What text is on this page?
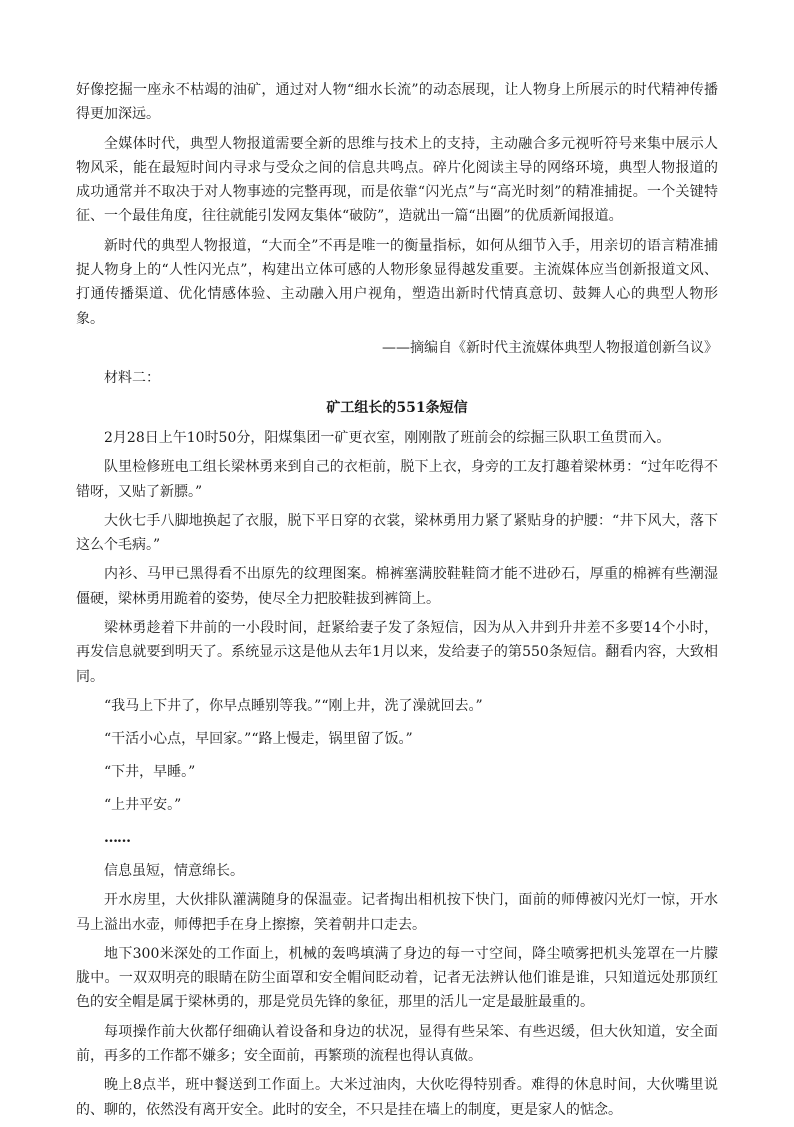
好像挖掘一座永不枯竭的油矿，通过对人物“细水长流”的动态展现，让人物身上所展示的时代精神传播得更加深远。

全媒体时代，典型人物报道需要全新的思维与技术上的支持，主动融合多元视听符号来集中展示人物风采，能在最短时间内寻求与受众之间的信息共鸣点。碎片化阅读主导的网络环境，典型人物报道的成功通常并不取决于对人物事迹的完整再现，而是依靠“闪光点”与“高光时刻”的精准捕捉。一个关键特征、一个最佳角度，往往就能引发网友集体“破防”，造就出一篇“出圈”的优质新闻报道。

新时代的典型人物报道，“大而全”不再是唯一的衡量指标，如何从细节入手，用亲切的语言精准捕捉人物身上的“人性闪光点”，构建出立体可感的人物形象显得越发重要。主流媒体应当创新报道文风、打通传播渠道、优化情感体验、主动融入用户视角，塑造出新时代情真意切、鼓舞人心的典型人物形象。

——摘编自《新时代主流媒体典型人物报道创新刍议》

材料二：

矿工组长的551条短信

2月28日上午10时50分，阳煤集团一矿更衣室，刚刚散了班前会的综掘三队职工鱼贯而入。

队里检修班电工组长梁林勇来到自己的衣柜前，脱下上衣，身旁的工友打趣着梁林勇：“过年吃得不错呀，又贴了新膘。”

大伙七手八脚地换起了衣服，脱下平日穿的衣裳，梁林勇用力紧了紧贴身的护腰：“井下风大，落下这么个毛病。”

内衫、马甲已黑得看不出原先的纹理图案。棉裤塞满胶鞋鞋筒才能不进砂石，厚重的棉裤有些潮湿僵硬，梁林勇用跪着的姿势，使尽全力把胶鞋拔到裤筒上。

梁林勇趁着下井前的一小段时间，赶紧给妻子发了条短信，因为从入井到升井差不多要14个小时，再发信息就要到明天了。系统显示这是他从去年1月以来，发给妻子的第550条短信。翻看内容，大致相同。

“我马上下井了，你早点睡别等我。”“刚上井，洗了澡就回去。”

“干活小心点，早回家。”“路上慢走，锅里留了饭。”

“下井，早睡。”

“上井平安。”

……

信息虽短，情意绵长。

开水房里，大伙排队灌满随身的保温壶。记者掏出相机按下快门，面前的师傅被闪光灯一惊，开水马上溢出水壶，师傅把手在身上擦擦，笑着朝井口走去。

地下300米深处的工作面上，机械的轰鸣填满了身边的每一寸空间，降尘喷雾把机头笼罩在一片朦胧中。一双双明亮的眼睛在防尘面罩和安全帽间眨动着，记者无法辨认他们谁是谁，只知道远处那顶红色的安全帽是属于梁林勇的，那是党员先锋的象征，那里的活儿一定是最脏最重的。

每项操作前大伙都仔细确认着设备和身边的状况，显得有些呆笨、有些迟缓，但大伙知道，安全面前，再多的工作都不嫌多；安全面前，再繁琐的流程也得认真做。

晚上8点半，班中餐送到工作面上。大米过油肉，大伙吃得特别香。难得的休息时间，大伙嘴里说的、聊的，依然没有离开安全。此时的安全，不只是挂在墙上的制度，更是家人的惦念。
